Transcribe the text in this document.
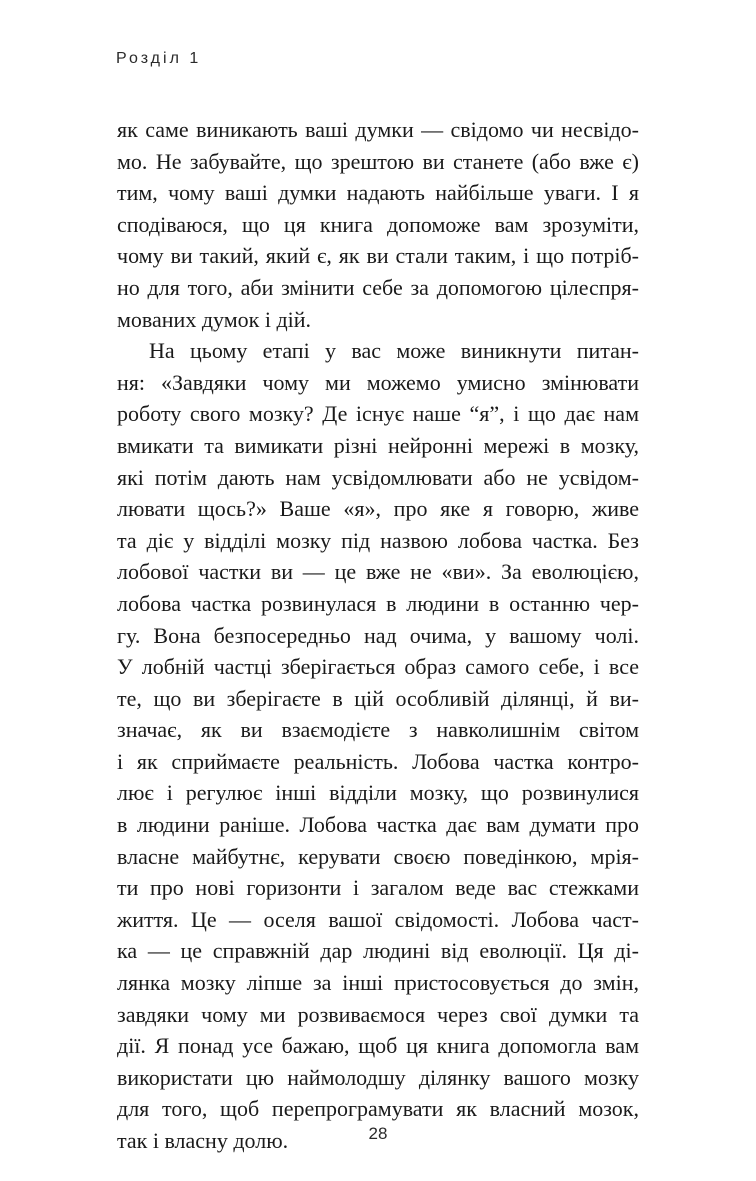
Розділ 1
як саме виникають ваші думки — свідомо чи несвідо-
мо. Не забувайте, що зрештою ви станете (або вже є)
тим, чому ваші думки надають найбільше уваги. І я
сподіваюся, що ця книга допоможе вам зрозуміти,
чому ви такий, який є, як ви стали таким, і що потріб-
но для того, аби змінити себе за допомогою цілеспря-
мованих думок і дій.
На цьому етапі у вас може виникнути питан-
ня: «Завдяки чому ми можемо умисно змінювати
роботу свого мозку? Де існує наше “я”, і що дає нам
вмикати та вимикати різні нейронні мережі в мозку,
які потім дають нам усвідомлювати або не усвідом-
лювати щось?» Ваше «я», про яке я говорю, живе
та діє у відділі мозку під назвою лобова частка. Без
лобової частки ви — це вже не «ви». За еволюцією,
лобова частка розвинулася в людини в останню чер-
гу. Вона безпосередньо над очима, у вашому чолі.
У лобній частці зберігається образ самого себе, і все
те, що ви зберігаєте в цій особливій ділянці, й ви-
значає, як ви взаємодієте з навколишнім світом
і як сприймаєте реальність. Лобова частка контро-
лює і регулює інші відділи мозку, що розвинулися
в людини раніше. Лобова частка дає вам думати про
власне майбутнє, керувати своєю поведінкою, мрія-
ти про нові горизонти і загалом веде вас стежками
життя. Це — оселя вашої свідомості. Лобова част-
ка — це справжній дар людині від еволюції. Ця ді-
лянка мозку ліпше за інші пристосовується до змін,
завдяки чому ми розвиваємося через свої думки та
дії. Я понад усе бажаю, щоб ця книга допомогла вам
використати цю наймолодшу ділянку вашого мозку
для того, щоб перепрограмувати як власний мозок,
так і власну долю.	28
